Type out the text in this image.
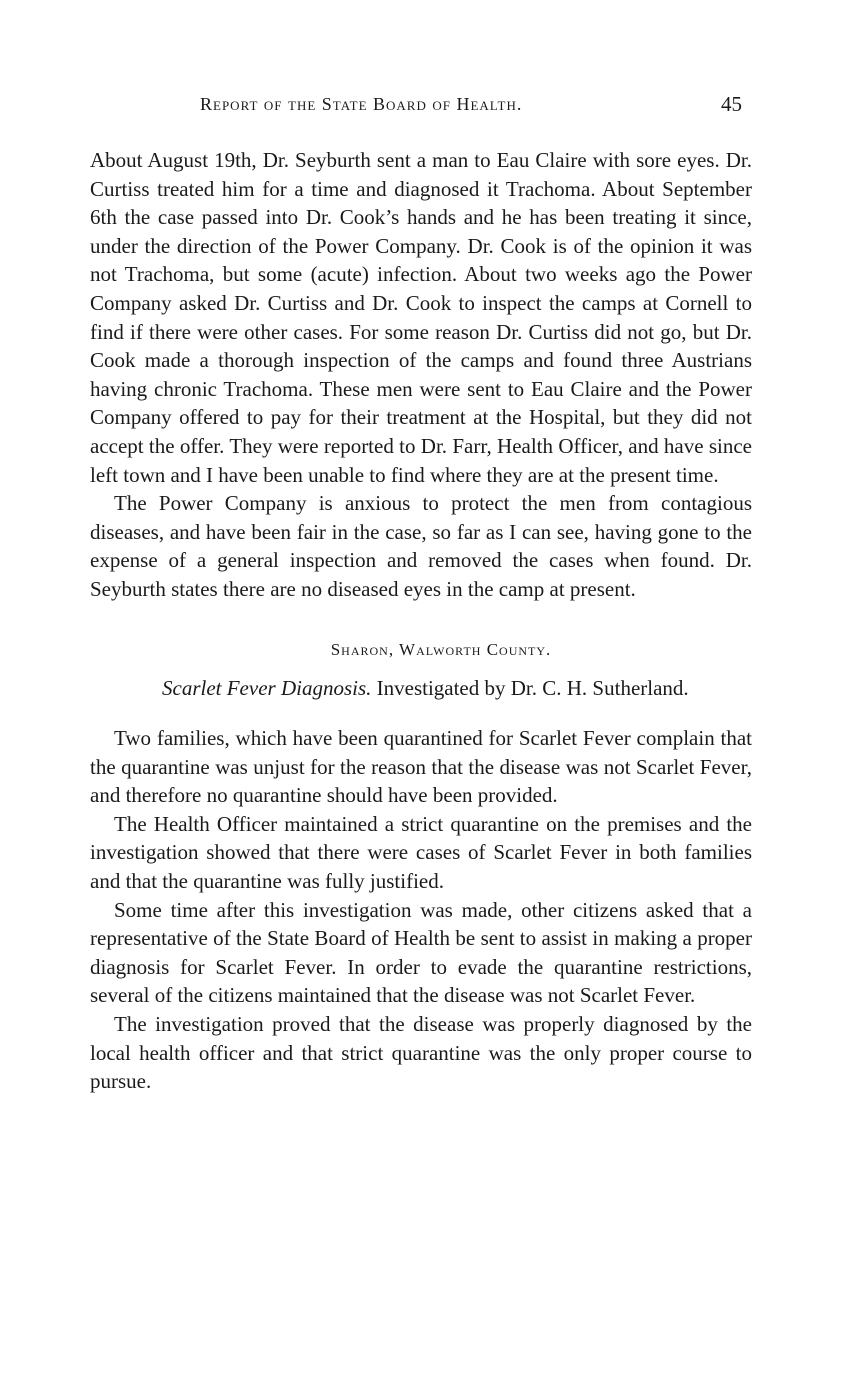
Report of the State Board of Health.	45

About August 19th, Dr. Seyburth sent a man to Eau Claire with sore eyes. Dr. Curtiss treated him for a time and diagnosed it Trachoma. About September 6th the case passed into Dr. Cook’s hands and he has been treating it since, under the direction of the Power Company. Dr. Cook is of the opinion it was not Trachoma, but some (acute) infection. About two weeks ago the Power Company asked Dr. Curtiss and Dr. Cook to inspect the camps at Cornell to find if there were other cases. For some reason Dr. Curtiss did not go, but Dr. Cook made a thorough inspection of the camps and found three Austrians having chronic Trachoma. These men were sent to Eau Claire and the Power Company offered to pay for their treatment at the Hospital, but they did not accept the offer. They were reported to Dr. Farr, Health Officer, and have since left town and I have been unable to find where they are at the present time.

The Power Company is anxious to protect the men from contagious diseases, and have been fair in the case, so far as I can see, having gone to the expense of a general inspection and removed the cases when found. Dr. Seyburth states there are no diseased eyes in the camp at present.

Sharon, Walworth County.
Scarlet Fever Diagnosis. Investigated by Dr. C. H. Sutherland.

Two families, which have been quarantined for Scarlet Fever complain that the quarantine was unjust for the reason that the disease was not Scarlet Fever, and therefore no quarantine should have been provided.

The Health Officer maintained a strict quarantine on the premises and the investigation showed that there were cases of Scarlet Fever in both families and that the quarantine was fully justified.

Some time after this investigation was made, other citizens asked that a representative of the State Board of Health be sent to assist in making a proper diagnosis for Scarlet Fever. In order to evade the quarantine restrictions, several of the citizens maintained that the disease was not Scarlet Fever.

The investigation proved that the disease was properly diagnosed by the local health officer and that strict quarantine was the only proper course to pursue.
